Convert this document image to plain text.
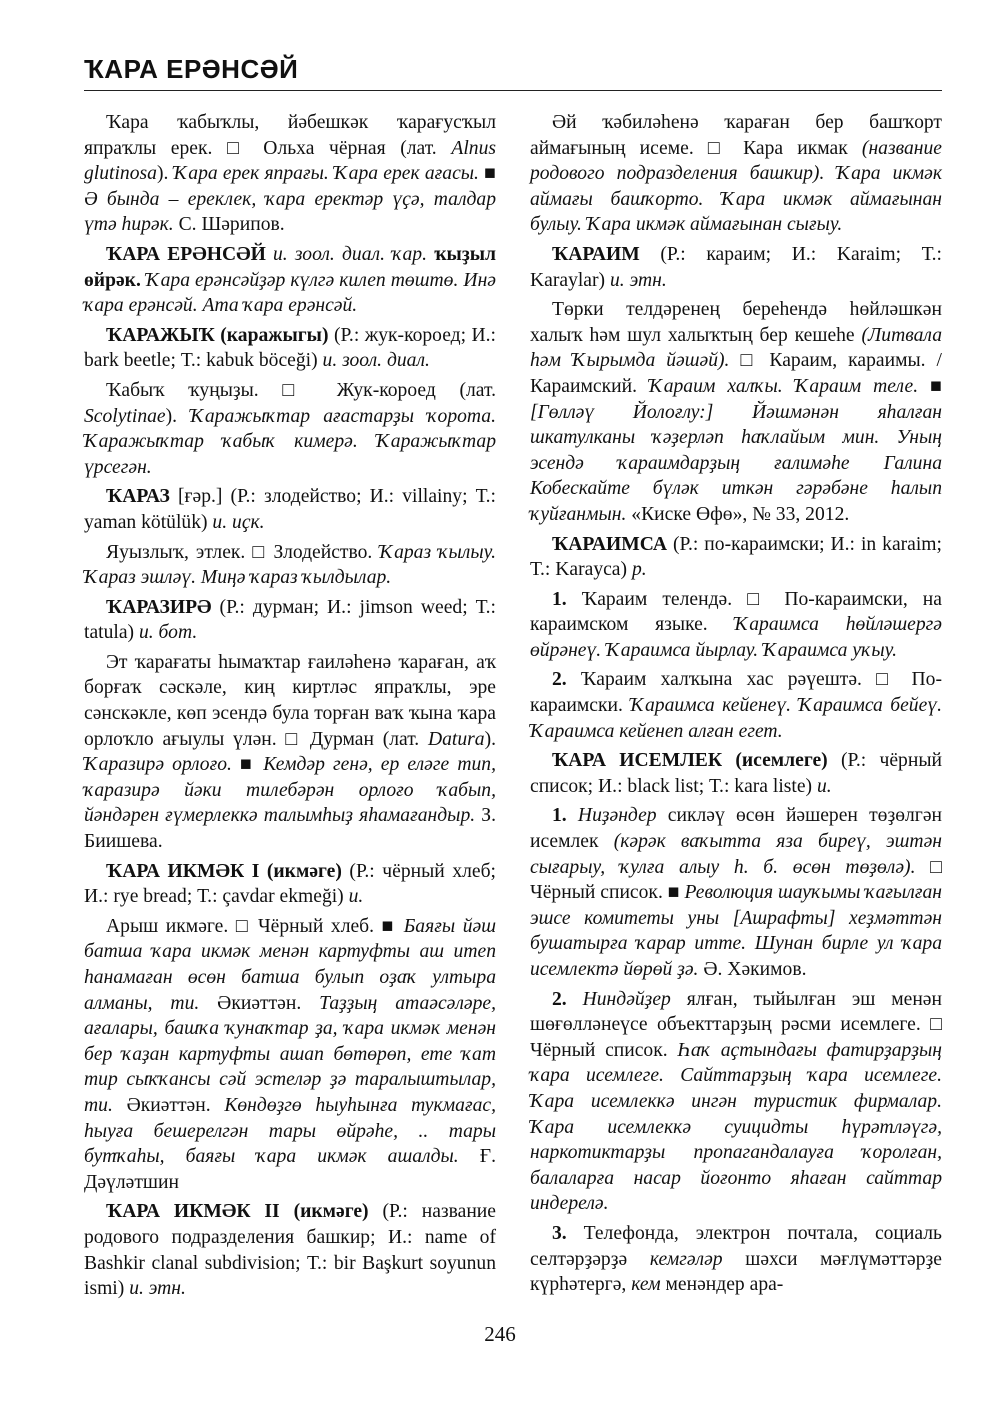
ҠАРА ЕРӘНСӘЙ

Ҡара ҡабыҡлы, йәбешкәк ҡарағусҡыл япраҡлы ерек. □ Ольха чёрная (лат. Alnus glutinosa). Ҡара ерек япрағы. Ҡара ерек ағасы. ■ Ә бында – ереклек, ҡара еректәр үҫә, талдар үтә һирәк. С. Шәрипов.

ҠАРА ЕРӘНСӘЙ и. зоол. диал. ҡар. ҡыҙыл өйрәк. Ҡара ерәнсәйҙәр күлгә килеп төштө. Инә ҡара ерәнсәй. Ата ҡара ерәнсәй.

ҠАРАЖЫҠ (каражыгы) (Р.: жук-короед; И.: bark beetle; Т.: kabuk böceği) и. зоол. диал.

Ҡабыҡ ҡуңыҙы. □ Жук-короед (лат. Scolytinae). Ҡаражыҡтар ағастарҙы ҡорота. Ҡаражыҡтар ҡабыҡ кимерә. Ҡаражыҡтар үрсегән.

ҠАРАЗ [ғәр.] (Р.: злодейство; И.: villainy; Т.: yaman kötülük) и. иҫк.

Яуызлыҡ, этлек. □ Злодейство. Ҡараз ҡылыу. Ҡараз эшләү. Миңә ҡараз ҡылдылар.

ҠАРАЗИРӘ (Р.: дурман; И.: jimson weed; Т.: tatula) и. бот.

Эт ҡарағаты һымаҡтар ғаиләһенә ҡараған, аҡ борғаҡ сәскәле, киң киртләс япраҡлы, эре сәнскәкле, көп эсендә була торған ваҡ ҡына ҡара орлоҡло ағыулы үлән. □ Дурман (лат. Datura). Ҡаразирә орлоғо. ■ Кемдәр генә, ер еләге тип, ҡаразирә йәки тилебәрән орлоғо ҡабып, йәндәрен ғүмерлеккә талымһыҙ яһамағандыр. З. Биишева.

ҠАРА ИКМӘК I (икмәге) (Р.: чёрный хлеб; И.: rye bread; Т.: çavdar ekmeği) и.

Арыш икмәге. □ Чёрный хлеб. ■ Баяғы йәш батша ҡара икмәк менән картуфты аш итеп һанамаған өсөн батша булып оҙаҡ ултыра алманы, ти. Әкиәттән. Таҙҙың атаәсәләре, ағалары, башҡа ҡунаҡтар ҙа, ҡара икмәк менән бер ҡаҙан картуфты ашап бөтөрөп, ете ҡат тир сыҡҡансы сәй эстеләр ҙә таралыштылар, ти. Әкиәттән. Көндөҙгө һыуһынға тукмағас, һыуға бешерелгән тары өйрәһе, .. тары бутҡаһы, баяғы ҡара икмәк ашалды. Ғ. Дәүләтшин

ҠАРА ИКМӘК II (икмәге) (Р.: название родового подразделения башкир; И.: name of Bashkir clanal subdivision; Т.: bir Başkurt soyunun ismi) и. этн.

Әй ҡәбиләһенә ҡараған бер башҡорт аймағының исеме. □ Кара икмак (название родового подразделения башкир). Ҡара икмәк аймағы башҡорто. Ҡара икмәк аймағынан булыу. Ҡара икмәк аймағынан сығыу.

ҠАРАИМ (Р.: караим; И.: Karaim; Т.: Karaylar) и. этн.

Төрки телдәренең береһендә һөйләшкән халыҡ һәм шул халыҡтың бер кешеһе (Литвала һәм Ҡырымда йәшәй). □ Караим, караимы. / Караимский. Ҡараим халҡы. Ҡараим теле. ■ [Гөлләү Йолоғлу:] Йәшмәнән яһалған шкатулканы ҡәҙерләп һаҡлайым мин. Уның эсендә ҡараимдарҙың ғалимәһе Галина Кобескайте бүләк иткән гәрәбәне һалып ҡуйғанмын. «Киске Өфө», № 33, 2012.

ҠАРАИМСА (Р.: по-караимски; И.: in karaim; Т.: Karayca) р.

1. Ҡараим телендә. □ По-караимски, на караимском языке. Ҡараимса һөйләшергә өйрәнеү. Ҡараимса йырлау. Ҡараимса уҡыу.

2. Ҡараим халҡына хас рәүештә. □ По-караимски. Ҡараимса кейенеү. Ҡараимса бейеү. Ҡараимса кейенеп алған егет.

ҠАРА ИСЕМЛЕК (исемлеге) (Р.: чёрный список; И.: black list; Т.: kara liste) и.

1. Ниҙәндер сикләү өсөн йәшерен төҙөлгән исемлек (кәрәк ваҡытта яза биреү, эштән сығарыу, ҡулға алыу һ. б. өсөн төҙөлә). □ Чёрный список. ■ Революция шауҡымы ҡағылған эшсе комитеты уны [Ашрафты] хеҙмәттән бушатырға ҡарар итте. Шунан бирле ул ҡара исемлектә йөрөй ҙә. Ә. Хәкимов.

2. Ниндәйҙер ялған, тыйылған эш менән шөғөлләнеүсе объекттарҙың рәсми исемлеге. □ Чёрный список. Һаҡ аҫтындағы фатирҙарҙың ҡара исемлеге. Сайттарҙың ҡара исемлеге. Ҡара исемлеккә ингән туристик фирмалар. Ҡара исемлеккә суицидты һүрәтләүгә, наркотиктарҙы пропагандалауға ҡоролған, балаларға насар йоғонто яһаған сайттар индерелә.

3. Телефонда, электрон почтала, социаль селтәрҙәрҙә кемгәләр шәхси мәғлүмәттәрҙе күрһәтергә, кем менәндер ара-

246
